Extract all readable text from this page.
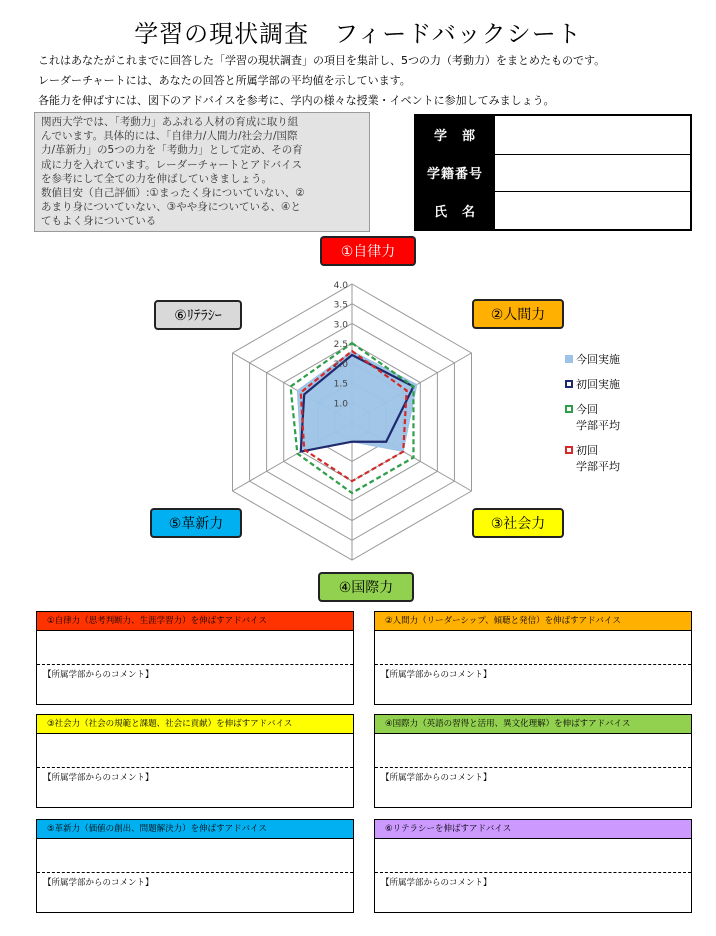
学習の現状調査　フィードバックシート
これはあなたがこれまでに回答した「学習の現状調査」の項目を集計し、5つの力（考動力）をまとめたものです。
レーダーチャートには、あなたの回答と所属学部の平均値を示しています。
各能力を伸ばすには、図下のアドバイスを参考に、学内の様々な授業・イベントに参加してみましょう。

関西大学では、「考動力」あふれる人材の育成に取り組

んでいます。具体的には、「自律力/人間力/社会力/国際

力/革新力」の5つの力を「考動力」として定め、その育

成に力を入れています。レーダーチャートとアドバイス

を参考にして全ての力を伸ばしていきましょう。

数値目安（自己評価）:①まったく身についていない、②

あまり身についていない、③やや身についている、④と

てもよく身についている

学　部
学籍番号
氏　名
1.0
1.5
2.0
2.5
3.0
3.5
4.0
①自律力
②人間力
③社会力
④国際力
⑤革新力
⑥ﾘﾃﾗｼｰ
今回実施
初回実施
今回
学部平均
初回
学部平均
①自律力（思考判断力、生涯学習力）を伸ばすアドバイス
【所属学部からのコメント】
②人間力（リーダーシップ、傾聴と発信）を伸ばすアドバイス
【所属学部からのコメント】
③社会力（社会の規範と課題、社会に貢献）を伸ばすアドバイス
【所属学部からのコメント】
④国際力（英語の習得と活用、異文化理解）を伸ばすアドバイス
【所属学部からのコメント】
⑤革新力（価値の創出、問題解決力）を伸ばすアドバイス
【所属学部からのコメント】
⑥リテラシーを伸ばすアドバイス
【所属学部からのコメント】
